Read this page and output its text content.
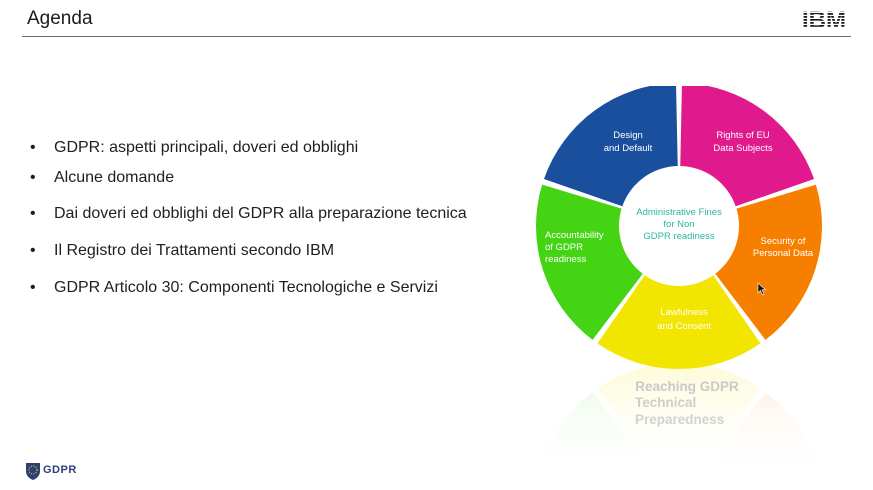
Agenda	IBM
• GDPR: aspetti principali, doveri ed obblighi
• Alcune domande
• Dai doveri ed obblighi del GDPR alla preparazione tecnica
• Il Registro dei Trattamenti secondo IBM
• GDPR Articolo 30: Componenti Tecnologiche e Servizi
Administrative Fines
for Non
GDPR readiness
Design
and Default
Rights of EU
Data Subjects
Security of
Personal Data
Lawfulness
and Consent
Accountability
of GDPR
readiness
Reaching GDPR
Technical
Preparedness
GDPR
